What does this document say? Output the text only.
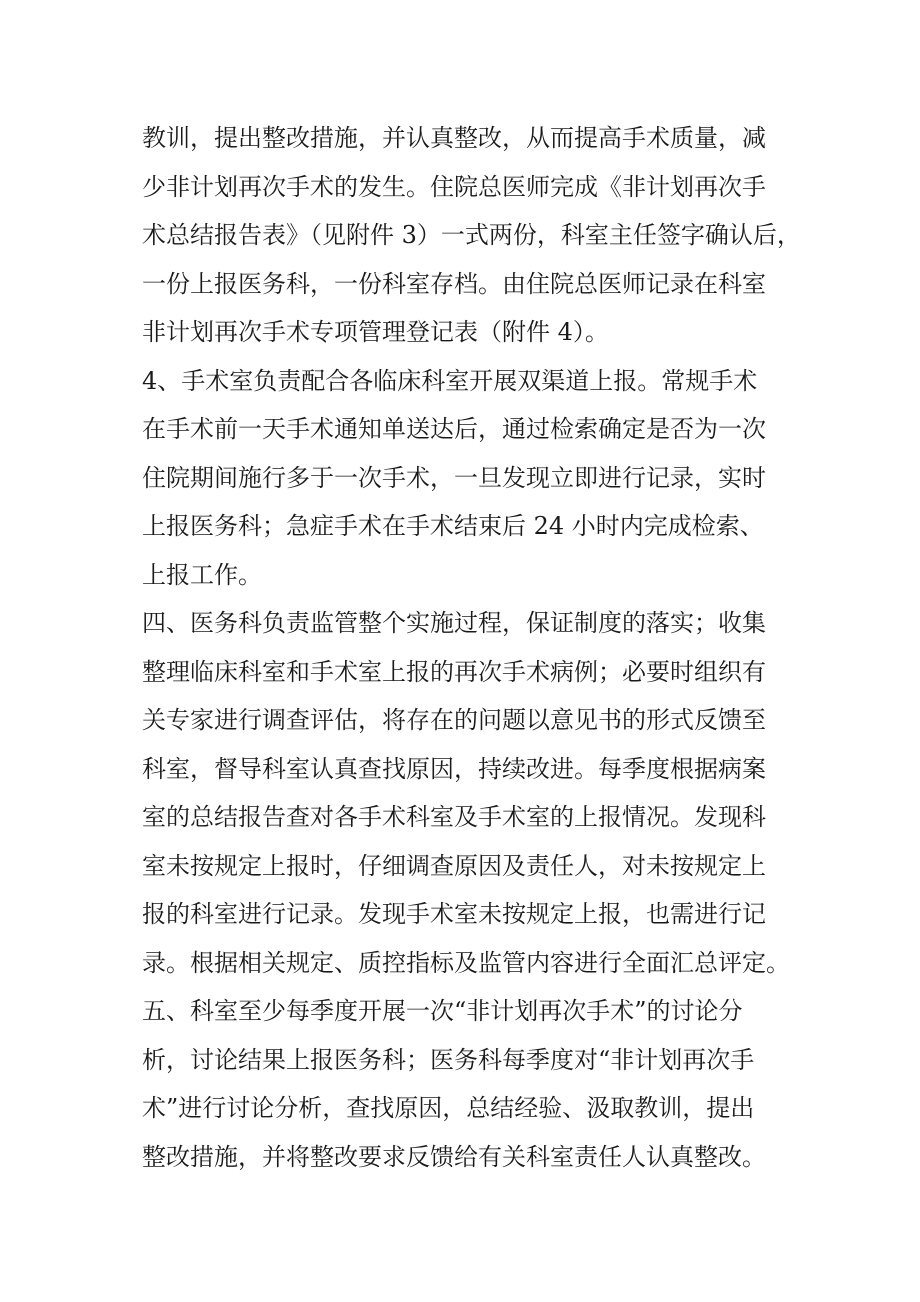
教训，提出整改措施，并认真整改，从而提高手术质量，减
少非计划再次手术的发生。住院总医师完成《非计划再次手
术总结报告表》（见附件 3）一式两份，科室主任签字确认后，
一份上报医务科，一份科室存档。由住院总医师记录在科室
非计划再次手术专项管理登记表（附件 4）。
4、手术室负责配合各临床科室开展双渠道上报。常规手术
在手术前一天手术通知单送达后，通过检索确定是否为一次
住院期间施行多于一次手术，一旦发现立即进行记录，实时
上报医务科；急症手术在手术结束后 24 小时内完成检索、
上报工作。
四、医务科负责监管整个实施过程，保证制度的落实；收集
整理临床科室和手术室上报的再次手术病例；必要时组织有
关专家进行调查评估，将存在的问题以意见书的形式反馈至
科室，督导科室认真查找原因，持续改进。每季度根据病案
室的总结报告查对各手术科室及手术室的上报情况。发现科
室未按规定上报时，仔细调查原因及责任人，对未按规定上
报的科室进行记录。发现手术室未按规定上报，也需进行记
录。根据相关规定、质控指标及监管内容进行全面汇总评定。
五、科室至少每季度开展一次“非计划再次手术”的讨论分
析，讨论结果上报医务科；医务科每季度对“非计划再次手
术”进行讨论分析，查找原因，总结经验、汲取教训，提出
整改措施，并将整改要求反馈给有关科室责任人认真整改。
